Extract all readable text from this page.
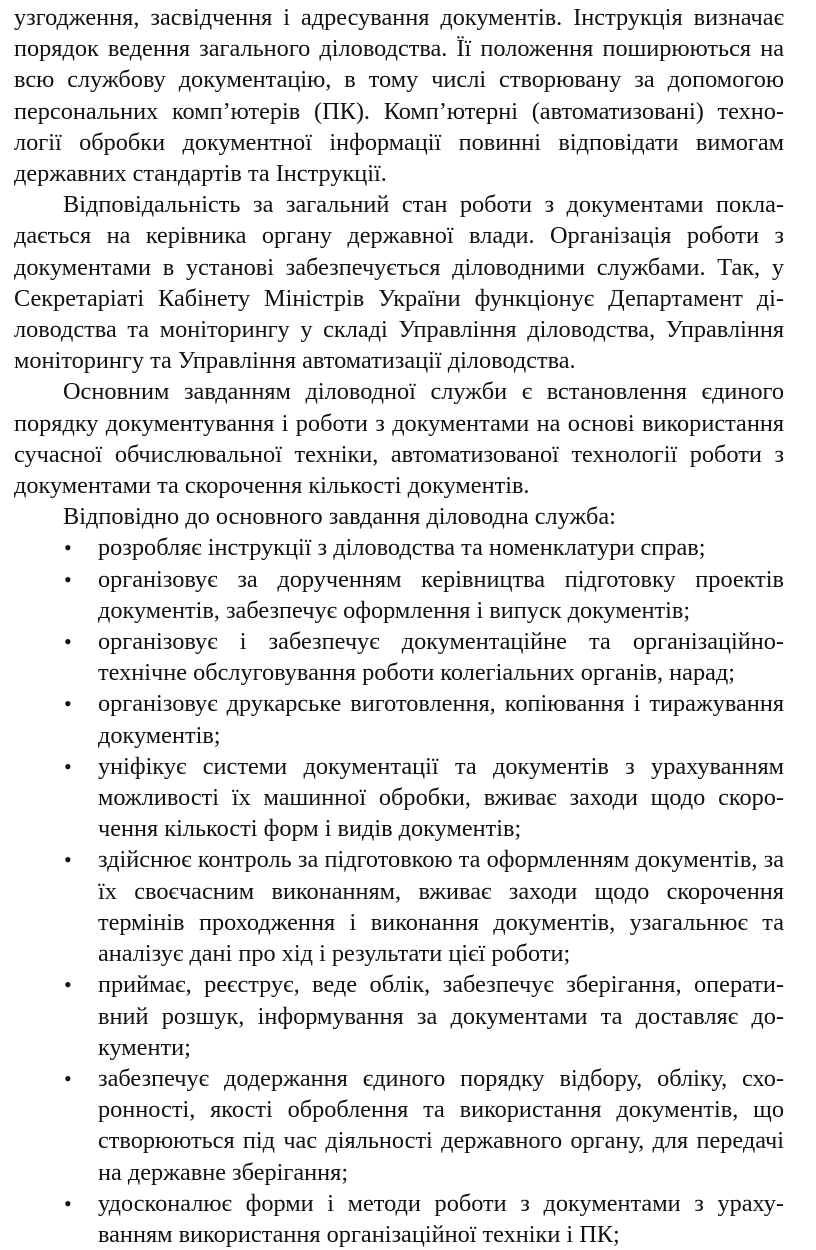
узгодження, засвідчення і адресування документів. Інструкція визначає порядок ведення загального діловодства. Її положення поширюються на всю службову документацію, в тому числі створювану за допомогою персональних комп’ютерів (ПК). Комп’ютерні (автоматизовані) технології обробки документної інформації повинні відповідати вимогам державних стандартів та Інструкції.

Відповідальність за загальний стан роботи з документами покладається на керівника органу державної влади. Організація роботи з документами в установі забезпечується діловодними службами. Так, у Секретаріаті Кабінету Міністрів України функціонує Департамент діловодства та моніторингу у складі Управління діловодства, Управління моніторингу та Управління автоматизації діловодства.

Основним завданням діловодної служби є встановлення єдиного порядку документування і роботи з документами на основі використання сучасної обчислювальної техніки, автоматизованої технології роботи з документами та скорочення кількості документів.

Відповідно до основного завдання діловодна служба:

•	розробляє інструкції з діловодства та номенклатури справ;
•	організовує за дорученням керівництва підготовку проектів документів, забезпечує оформлення і випуск документів;
•	організовує і забезпечує документаційне та організаційно-технічне обслуговування роботи колегіальних органів, нарад;
•	організовує друкарське виготовлення, копіювання і тиражування документів;
•	уніфікує системи документації та документів з урахуванням можливості їх машинної обробки, вживає заходи щодо скорочення кількості форм і видів документів;
•	здійснює контроль за підготовкою та оформленням документів, за їх своєчасним виконанням, вживає заходи щодо скорочення термінів проходження і виконання документів, узагальнює та аналізує дані про хід і результати цієї роботи;
•	приймає, реєструє, веде облік, забезпечує зберігання, оперативний розшук, інформування за документами та доставляє документи;
•	забезпечує додержання єдиного порядку відбору, обліку, схоронності, якості оброблення та використання документів, що створюються під час діяльності державного органу, для передачі на державне зберігання;
•	удосконалює форми і методи роботи з документами з урахуванням використання організаційної техніки і ПК;
